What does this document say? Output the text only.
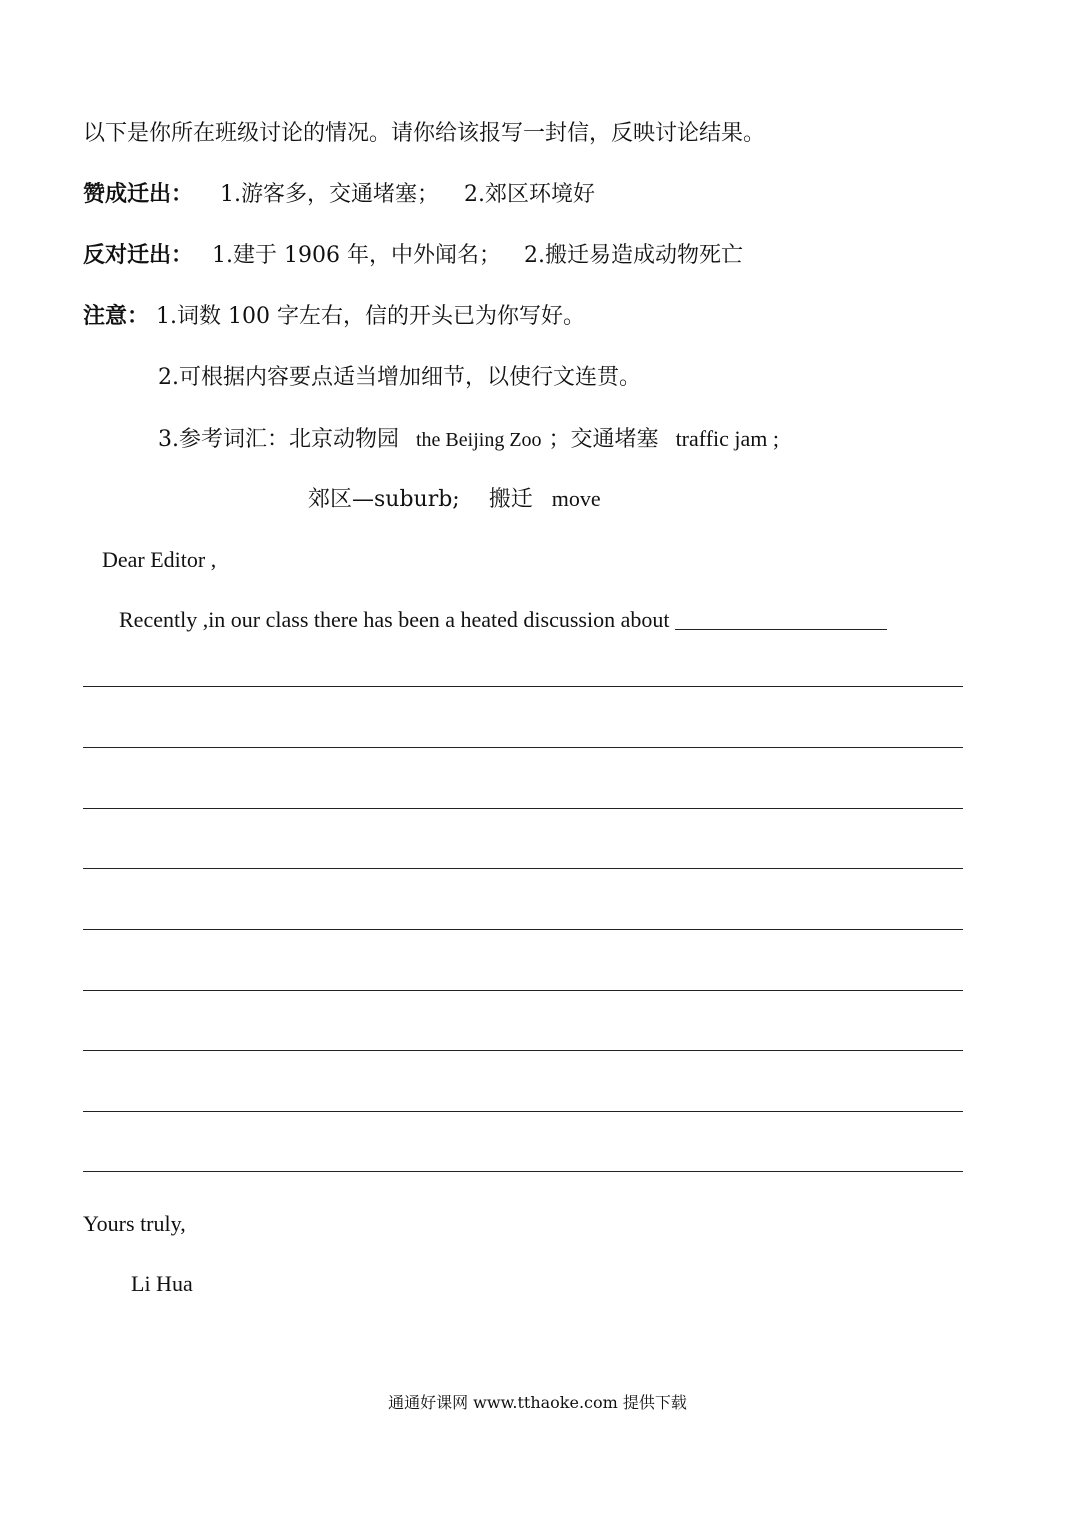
以下是你所在班级讨论的情况。请你给该报写一封信，反映讨论结果。
赞成迁出： 1.游客多，交通堵塞； 2.郊区环境好
反对迁出： 1.建于 1906 年，中外闻名； 2.搬迁易造成动物死亡
注意： 1.词数 100 字左右，信的开头已为你写好。
2.可根据内容要点适当增加细节，以使行文连贯。
3.参考词汇：北京动物园 the Beijing Zoo ；交通堵塞 traffic jam ;
郊区—suburb; 搬迁 move
Dear Editor ,
Recently ,in our class there has been a heated discussion about
Yours truly,
Li Hua
通通好课网 www.tthaoke.com 提供下载
